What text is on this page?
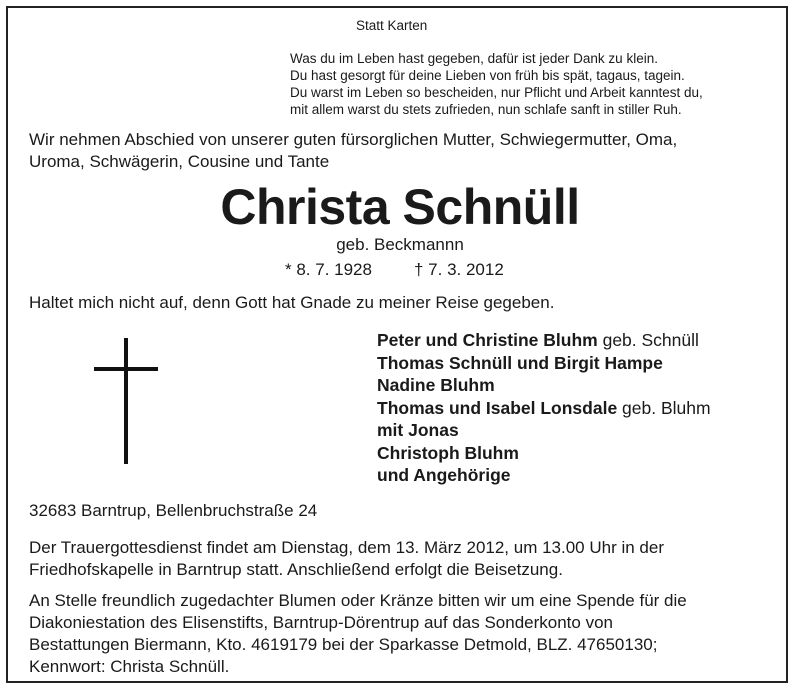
Statt Karten
Was du im Leben hast gegeben, dafür ist jeder Dank zu klein.
Du hast gesorgt für deine Lieben von früh bis spät, tagaus, tagein.
Du warst im Leben so bescheiden, nur Pflicht und Arbeit kanntest du,
mit allem warst du stets zufrieden, nun schlafe sanft in stiller Ruh.
Wir nehmen Abschied von unserer guten fürsorglichen Mutter, Schwiegermutter, Oma,
Uroma, Schwägerin, Cousine und Tante
Christa Schnüll
geb. Beckmannn
* 8. 7. 1928 † 7. 3. 2012
Haltet mich nicht auf, denn Gott hat Gnade zu meiner Reise gegeben.
Peter und Christine Bluhm geb. Schnüll
Thomas Schnüll und Birgit Hampe
Nadine Bluhm
Thomas und Isabel Lonsdale geb. Bluhm
mit Jonas
Christoph Bluhm
und Angehörige
32683 Barntrup, Bellenbruchstraße 24
Der Trauergottesdienst findet am Dienstag, dem 13. März 2012, um 13.00 Uhr in der
Friedhofskapelle in Barntrup statt. Anschließend erfolgt die Beisetzung.
An Stelle freundlich zugedachter Blumen oder Kränze bitten wir um eine Spende für die
Diakoniestation des Elisenstifts, Barntrup-Dörentrup auf das Sonderkonto von
Bestattungen Biermann, Kto. 4619179 bei der Sparkasse Detmold, BLZ. 47650130;
Kennwort: Christa Schnüll.
